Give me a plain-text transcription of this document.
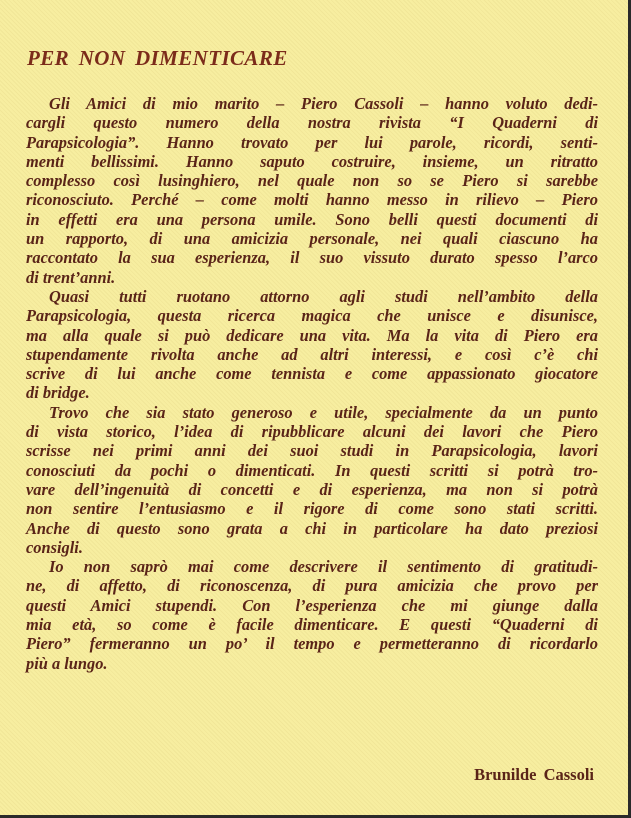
PER NON DIMENTICARE

Gli Amici di mio marito – Piero Cassoli – hanno voluto dedi-
cargli questo numero della nostra rivista “I Quaderni di
Parapsicologia”. Hanno trovato per lui parole, ricordi, senti-
menti bellissimi. Hanno saputo costruire, insieme, un ritratto
complesso così lusinghiero, nel quale non so se Piero si sarebbe
riconosciuto. Perché – come molti hanno messo in rilievo – Piero
in effetti era una persona umile. Sono belli questi documenti di
un rapporto, di una amicizia personale, nei quali ciascuno ha
raccontato la sua esperienza, il suo vissuto durato spesso l’arco
di trent’anni.

Quasi tutti ruotano attorno agli studi nell’ambito della
Parapsicologia, questa ricerca magica che unisce e disunisce,
ma alla quale si può dedicare una vita. Ma la vita di Piero era
stupendamente rivolta anche ad altri interessi, e così c’è chi
scrive di lui anche come tennista e come appassionato giocatore
di bridge.

Trovo che sia stato generoso e utile, specialmente da un punto
di vista storico, l’idea di ripubblicare alcuni dei lavori che Piero
scrisse nei primi anni dei suoi studi in Parapsicologia, lavori
conosciuti da pochi o dimenticati. In questi scritti si potrà tro-
vare dell’ingenuità di concetti e di esperienza, ma non si potrà
non sentire l’entusiasmo e il rigore di come sono stati scritti.
Anche di questo sono grata a chi in particolare ha dato preziosi
consigli.

Io non saprò mai come descrivere il sentimento di gratitudi-
ne, di affetto, di riconoscenza, di pura amicizia che provo per
questi Amici stupendi. Con l’esperienza che mi giunge dalla
mia età, so come è facile dimenticare. E questi “Quaderni di
Piero” fermeranno un po’ il tempo e permetteranno di ricordarlo
più a lungo.

Brunilde Cassoli
